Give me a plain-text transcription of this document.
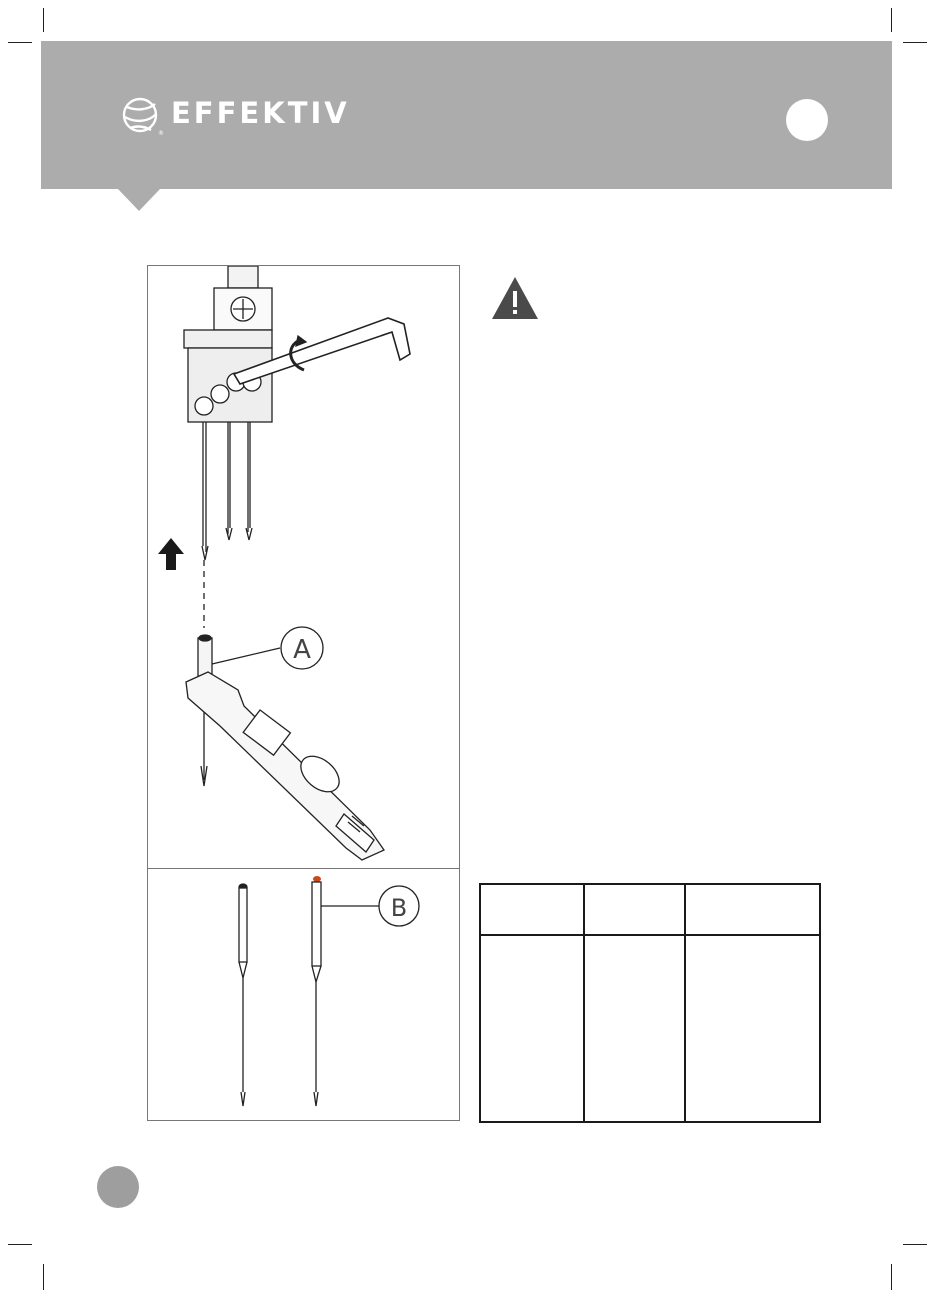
®
EFFEKTIV
A
B
